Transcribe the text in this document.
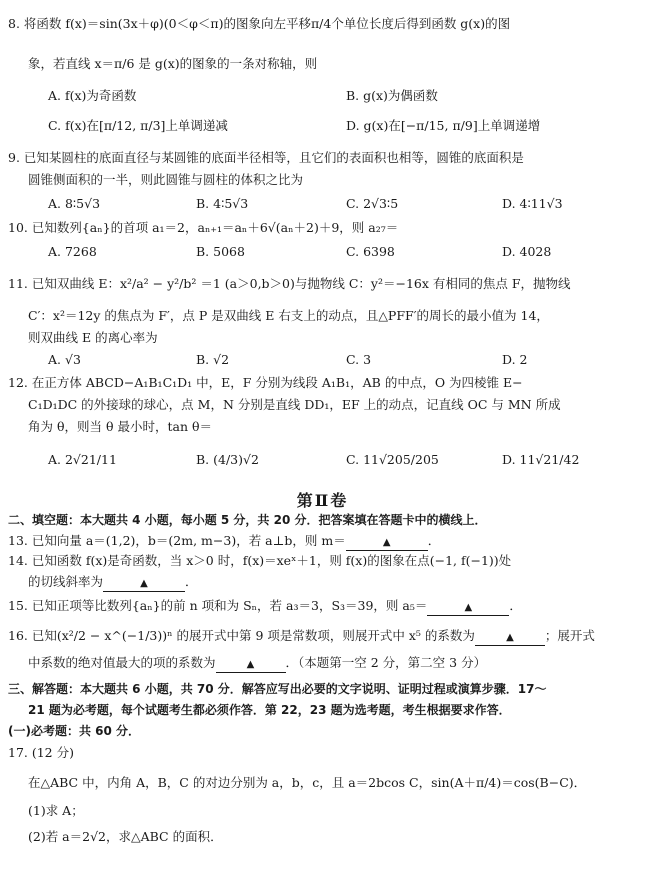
8. 将函数 f(x)＝sin(3x＋φ)(0＜φ＜π)的图象向左平移π/4个单位长度后得到函数 g(x)的图
象，若直线 x＝π/6 是 g(x)的图象的一条对称轴，则
A. f(x)为奇函数	B. g(x)为偶函数
C. f(x)在[π/12, π/3]上单调递减	D. g(x)在[−π/15, π/9]上单调递增
9. 已知某圆柱的底面直径与某圆锥的底面半径相等，且它们的表面积也相等，圆锥的底面积是
圆锥侧面积的一半，则此圆锥与圆柱的体积之比为
A. 8∶5√3	B. 4∶5√3	C. 2√3∶5	D. 4∶11√3
10. 已知数列{aₙ}的首项 a₁＝2，aₙ₊₁＝aₙ＋6√(aₙ＋2)＋9，则 a₂₇＝
A. 7268	B. 5068	C. 6398	D. 4028
11. 已知双曲线 E：x²/a² − y²/b² ＝1 (a＞0,b＞0)与抛物线 C：y²＝−16x 有相同的焦点 F，抛物线
C′：x²＝12y 的焦点为 F′，点 P 是双曲线 E 右支上的动点，且△PFF′的周长的最小值为 14，
则双曲线 E 的离心率为
A. √3	B. √2	C. 3	D. 2
12. 在正方体 ABCD−A₁B₁C₁D₁ 中，E，F 分别为线段 A₁B₁，AB 的中点，O 为四棱锥 E−
C₁D₁DC 的外接球的球心，点 M，N 分别是直线 DD₁，EF 上的动点，记直线 OC 与 MN 所成
角为 θ，则当 θ 最小时，tan θ＝
A. 2√21/11	B. (4/3)√2	C. 11√205/205	D. 11√21/42
第Ⅱ卷
二、填空题：本大题共 4 小题，每小题 5 分，共 20 分．把答案填在答题卡中的横线上．
13. 已知向量 a＝(1,2)，b＝(2m, m−3)，若 a⊥b，则 m＝	▲	．
14. 已知函数 f(x)是奇函数，当 x＞0 时，f(x)＝xeˣ＋1，则 f(x)的图象在点(−1, f(−1))处
的切线斜率为	▲	．
15. 已知正项等比数列{aₙ}的前 n 项和为 Sₙ，若 a₃＝3，S₃＝39，则 a₅＝	▲	．
16. 已知(x²/2 − x^(−1/3))ⁿ 的展开式中第 9 项是常数项，则展开式中 x⁵ 的系数为	▲ ；展开式
中系数的绝对值最大的项的系数为	▲ ．（本题第一空 2 分，第二空 3 分）
三、解答题：本大题共 6 小题，共 70 分．解答应写出必要的文字说明、证明过程或演算步骤．17～
21 题为必考题，每个试题考生都必须作答．第 22，23 题为选考题，考生根据要求作答．
(一)必考题：共 60 分．
17. (12 分)
在△ABC 中，内角 A，B，C 的对边分别为 a，b，c，且 a＝2bcos C，sin(A＋π/4)＝cos(B−C)．
(1)求 A；
(2)若 a＝2√2，求△ABC 的面积．
